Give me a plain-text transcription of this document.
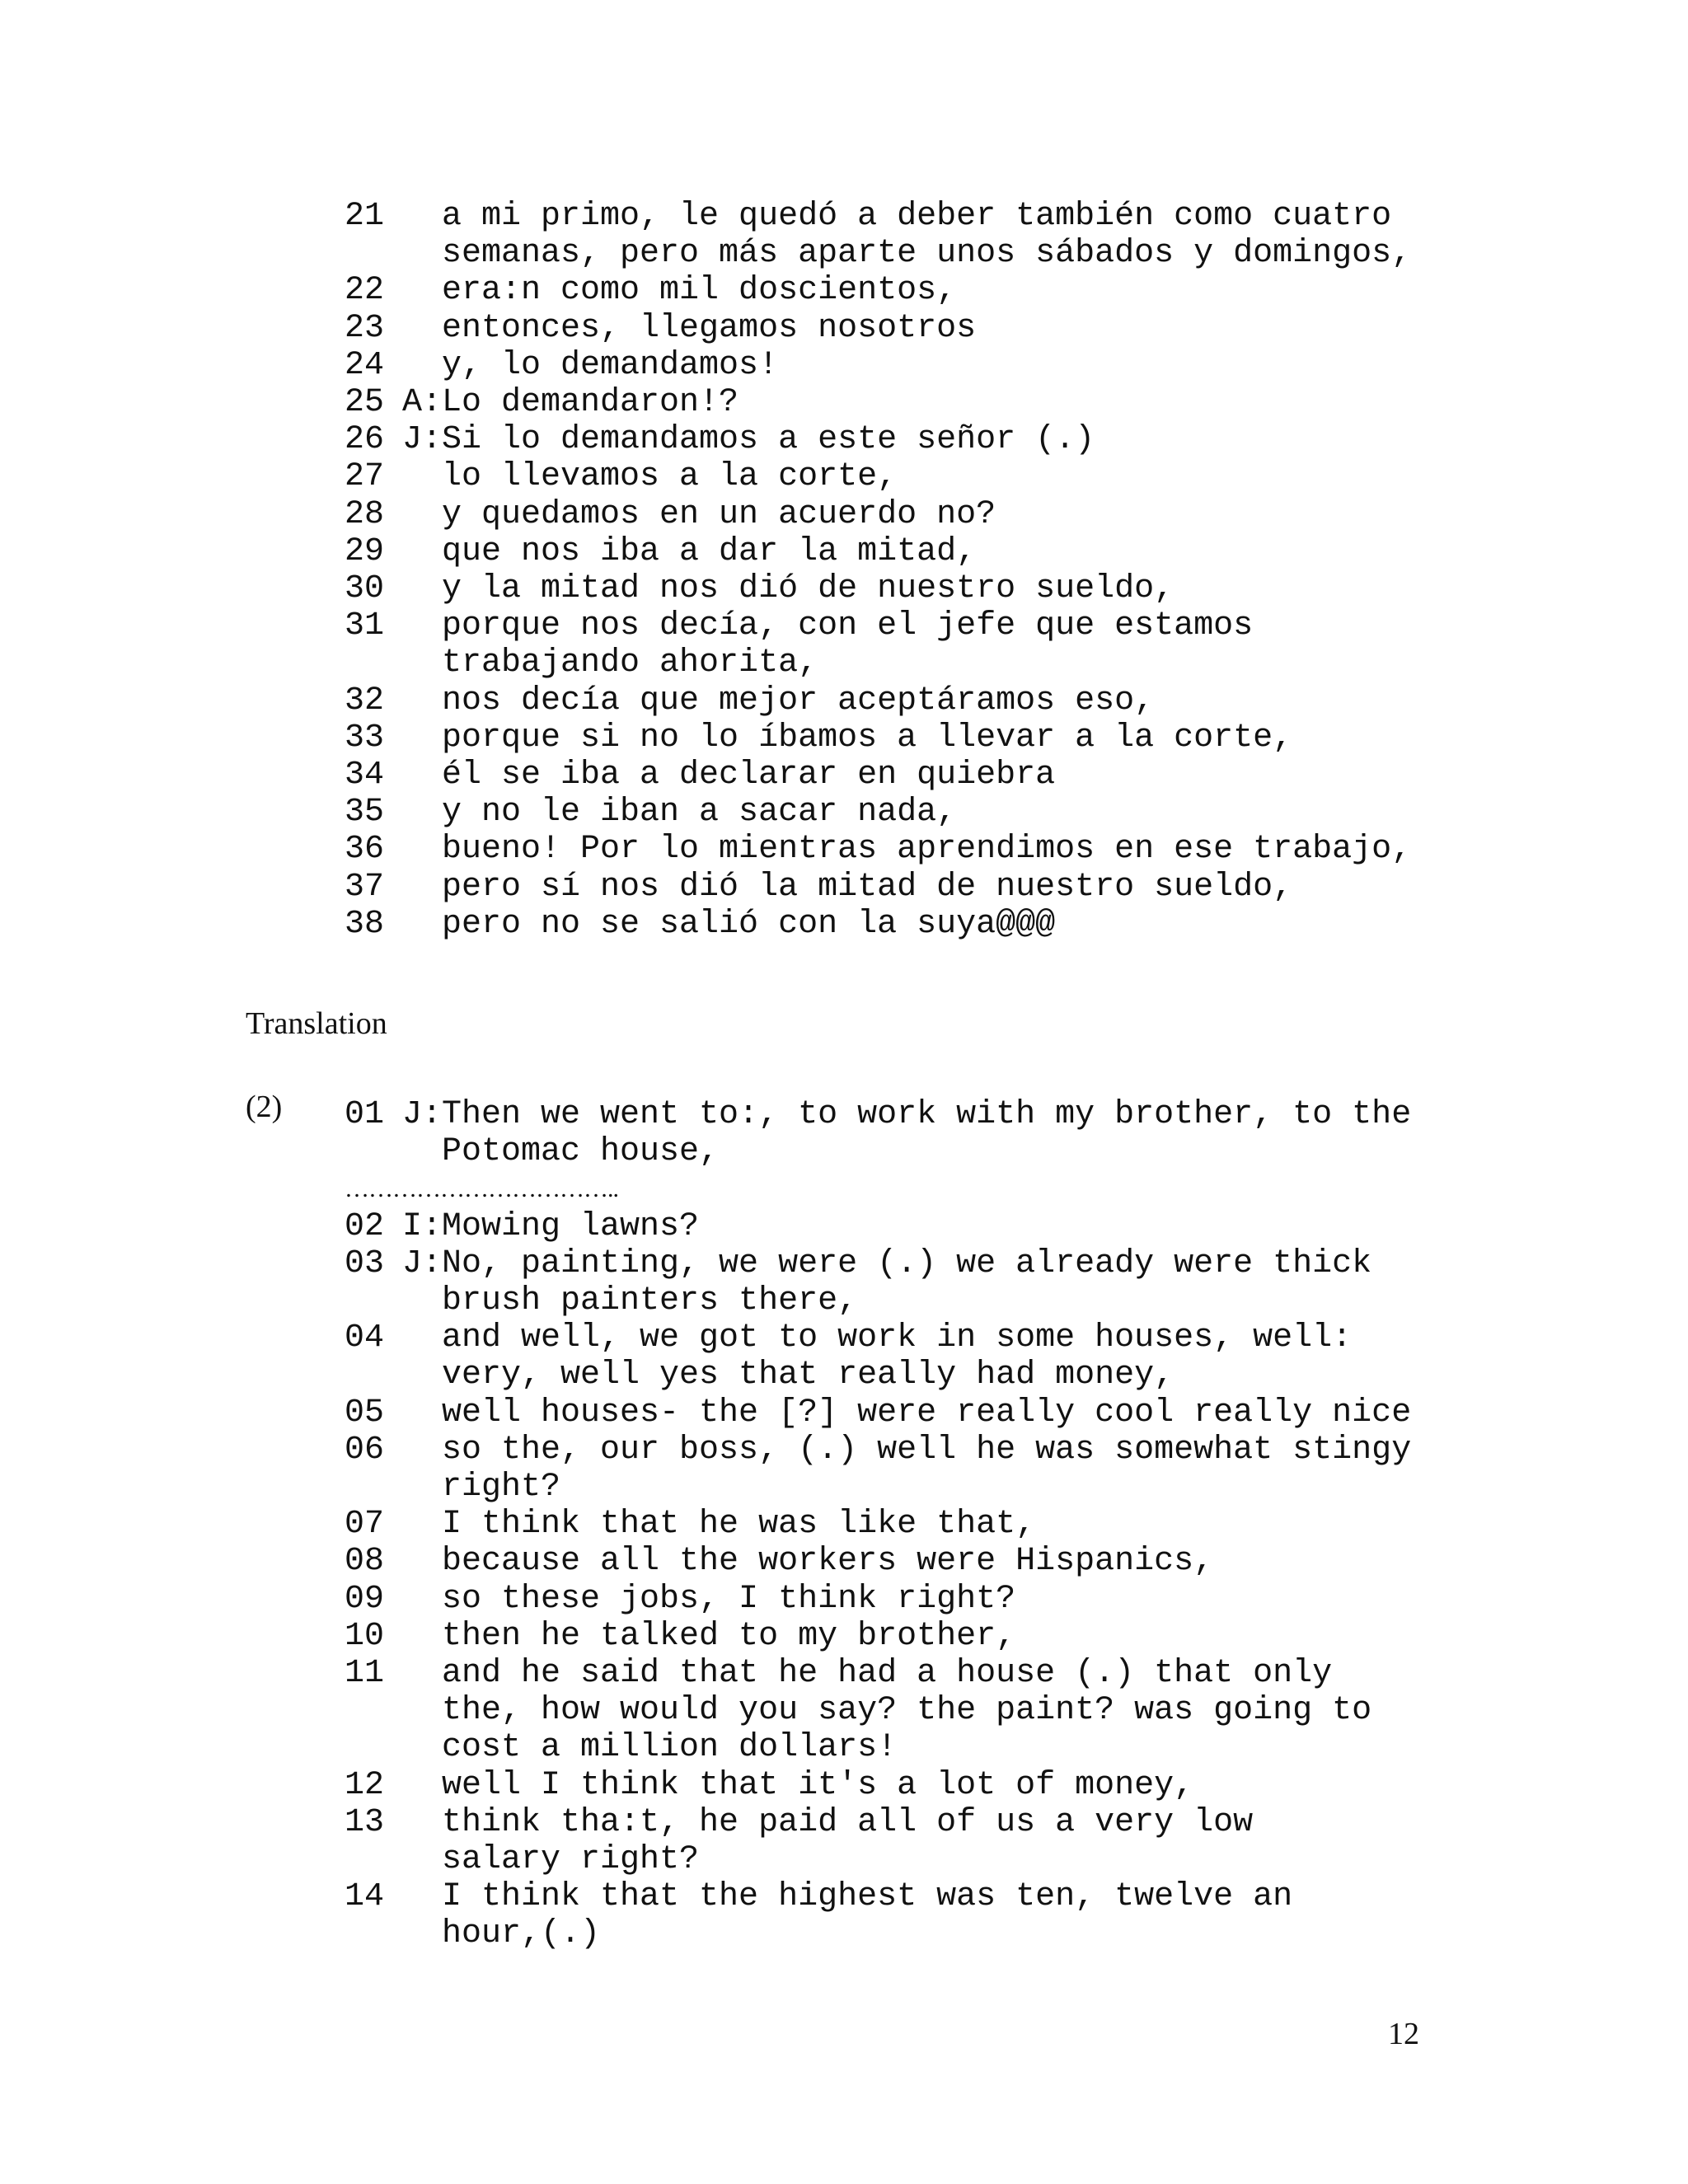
21 a mi primo, le quedó a deber también como cuatro
semanas, pero más aparte unos sábados y domingos,
22 era:n como mil doscientos,
23 entonces, llegamos nosotros
24 y, lo demandamos!
25 A: Lo demandaron!?
26 J: Si lo demandamos a este señor (.)
27 lo llevamos a la corte,
28 y quedamos en un acuerdo no?
29 que nos iba a dar la mitad,
30 y la mitad nos dió de nuestro sueldo,
31 porque nos decía, con el jefe que estamos
trabajando ahorita,
32 nos decía que mejor aceptáramos eso,
33 porque si no lo íbamos a llevar a la corte,
34 él se iba a declarar en quiebra
35 y no le iban a sacar nada,
36 bueno! Por lo mientras aprendimos en ese trabajo,
37 pero sí nos dió la mitad de nuestro sueldo,
38 pero no se salió con la suya@@@
Translation
(2) 01 J: Then we went to:, to work with my brother, to the
Potomac house,
……………………………..
02 I: Mowing lawns?
03 J: No, painting, we were (.) we already were thick
brush painters there,
04 and well, we got to work in some houses, well:
very, well yes that really had money,
05 well houses- the [?] were really cool really nice
06 so the, our boss, (.) well he was somewhat stingy
right?
07 I think that he was like that,
08 because all the workers were Hispanics,
09 so these jobs, I think right?
10 then he talked to my brother,
11 and he said that he had a house (.) that only
the, how would you say? the paint? was going to
cost a million dollars!
12 well I think that it's a lot of money,
13 think tha:t, he paid all of us a very low
salary right?
14 I think that the highest was ten, twelve an
hour,(.)
12
